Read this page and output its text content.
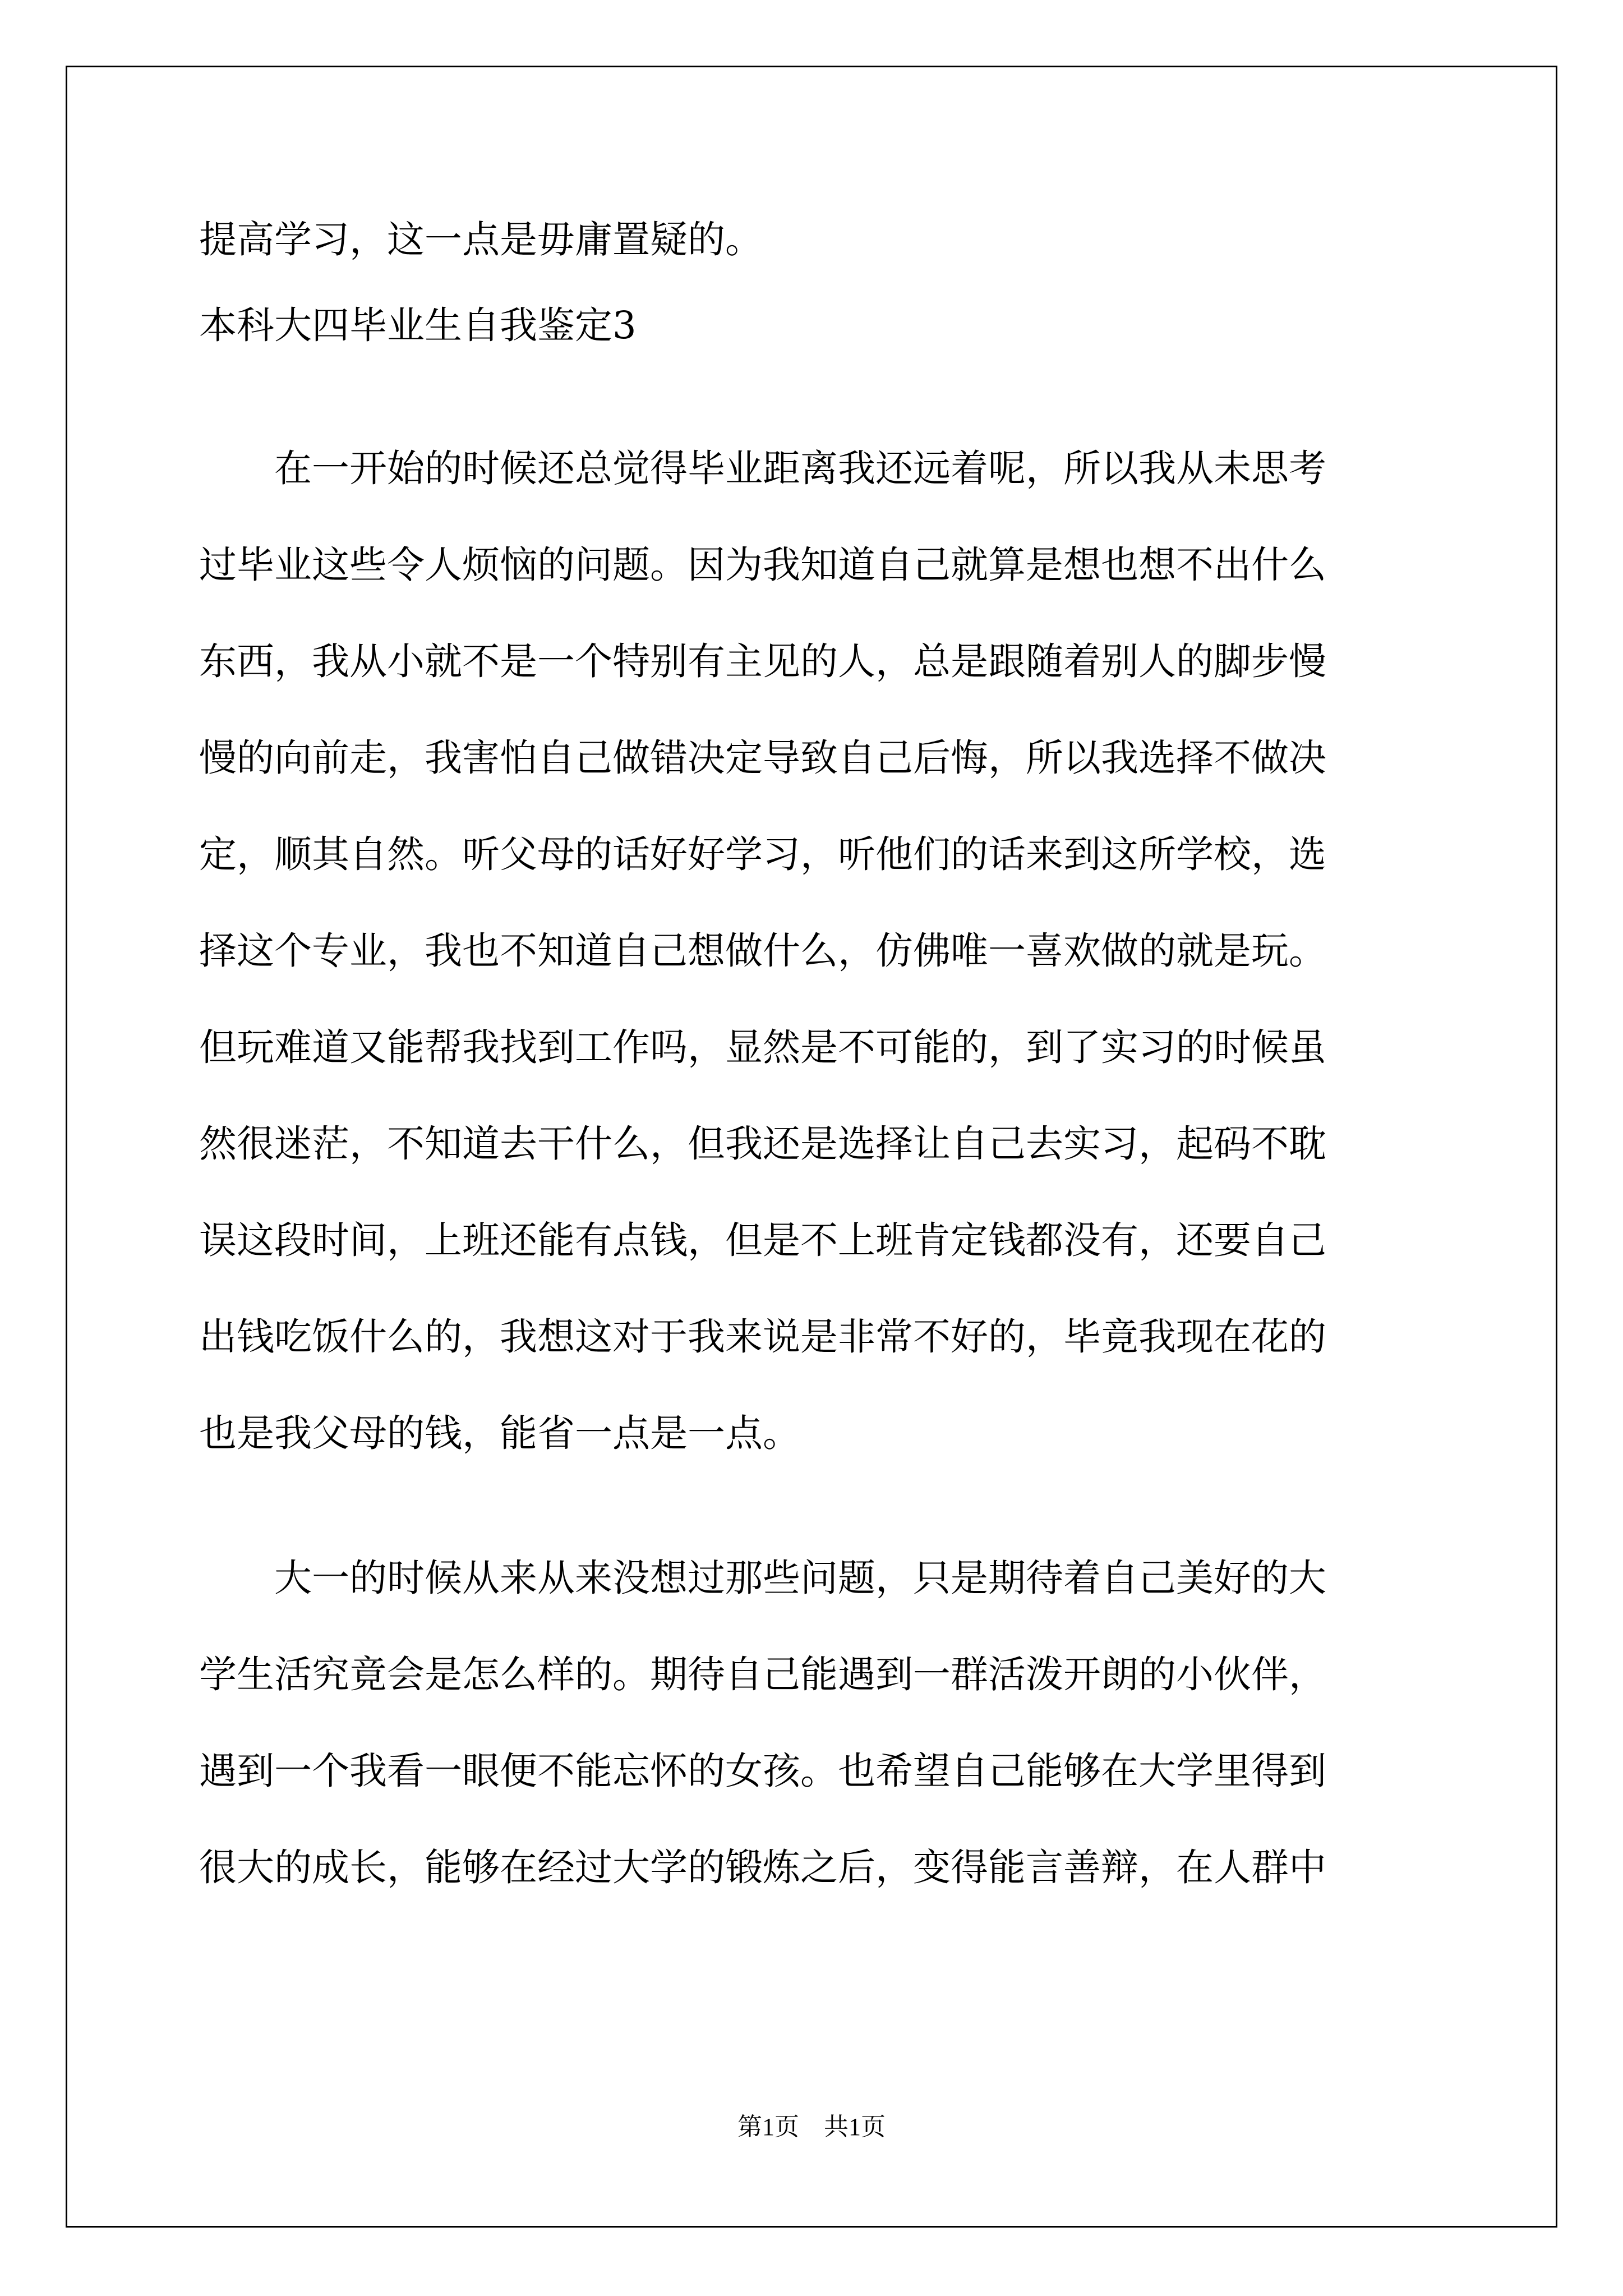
提高学习，这一点是毋庸置疑的。
本科大四毕业生自我鉴定3
　　在一开始的时候还总觉得毕业距离我还远着呢，所以我从未思考
过毕业这些令人烦恼的问题。因为我知道自己就算是想也想不出什么
东西，我从小就不是一个特别有主见的人，总是跟随着别人的脚步慢
慢的向前走，我害怕自己做错决定导致自己后悔，所以我选择不做决
定，顺其自然。听父母的话好好学习，听他们的话来到这所学校，选
择这个专业，我也不知道自己想做什么，仿佛唯一喜欢做的就是玩。
但玩难道又能帮我找到工作吗，显然是不可能的，到了实习的时候虽
然很迷茫，不知道去干什么，但我还是选择让自己去实习，起码不耽
误这段时间，上班还能有点钱，但是不上班肯定钱都没有，还要自己
出钱吃饭什么的，我想这对于我来说是非常不好的，毕竟我现在花的
也是我父母的钱，能省一点是一点。
　　大一的时候从来从来没想过那些问题，只是期待着自己美好的大
学生活究竟会是怎么样的。期待自己能遇到一群活泼开朗的小伙伴，
遇到一个我看一眼便不能忘怀的女孩。也希望自己能够在大学里得到
很大的成长，能够在经过大学的锻炼之后，变得能言善辩，在人群中
第1页　共1页
